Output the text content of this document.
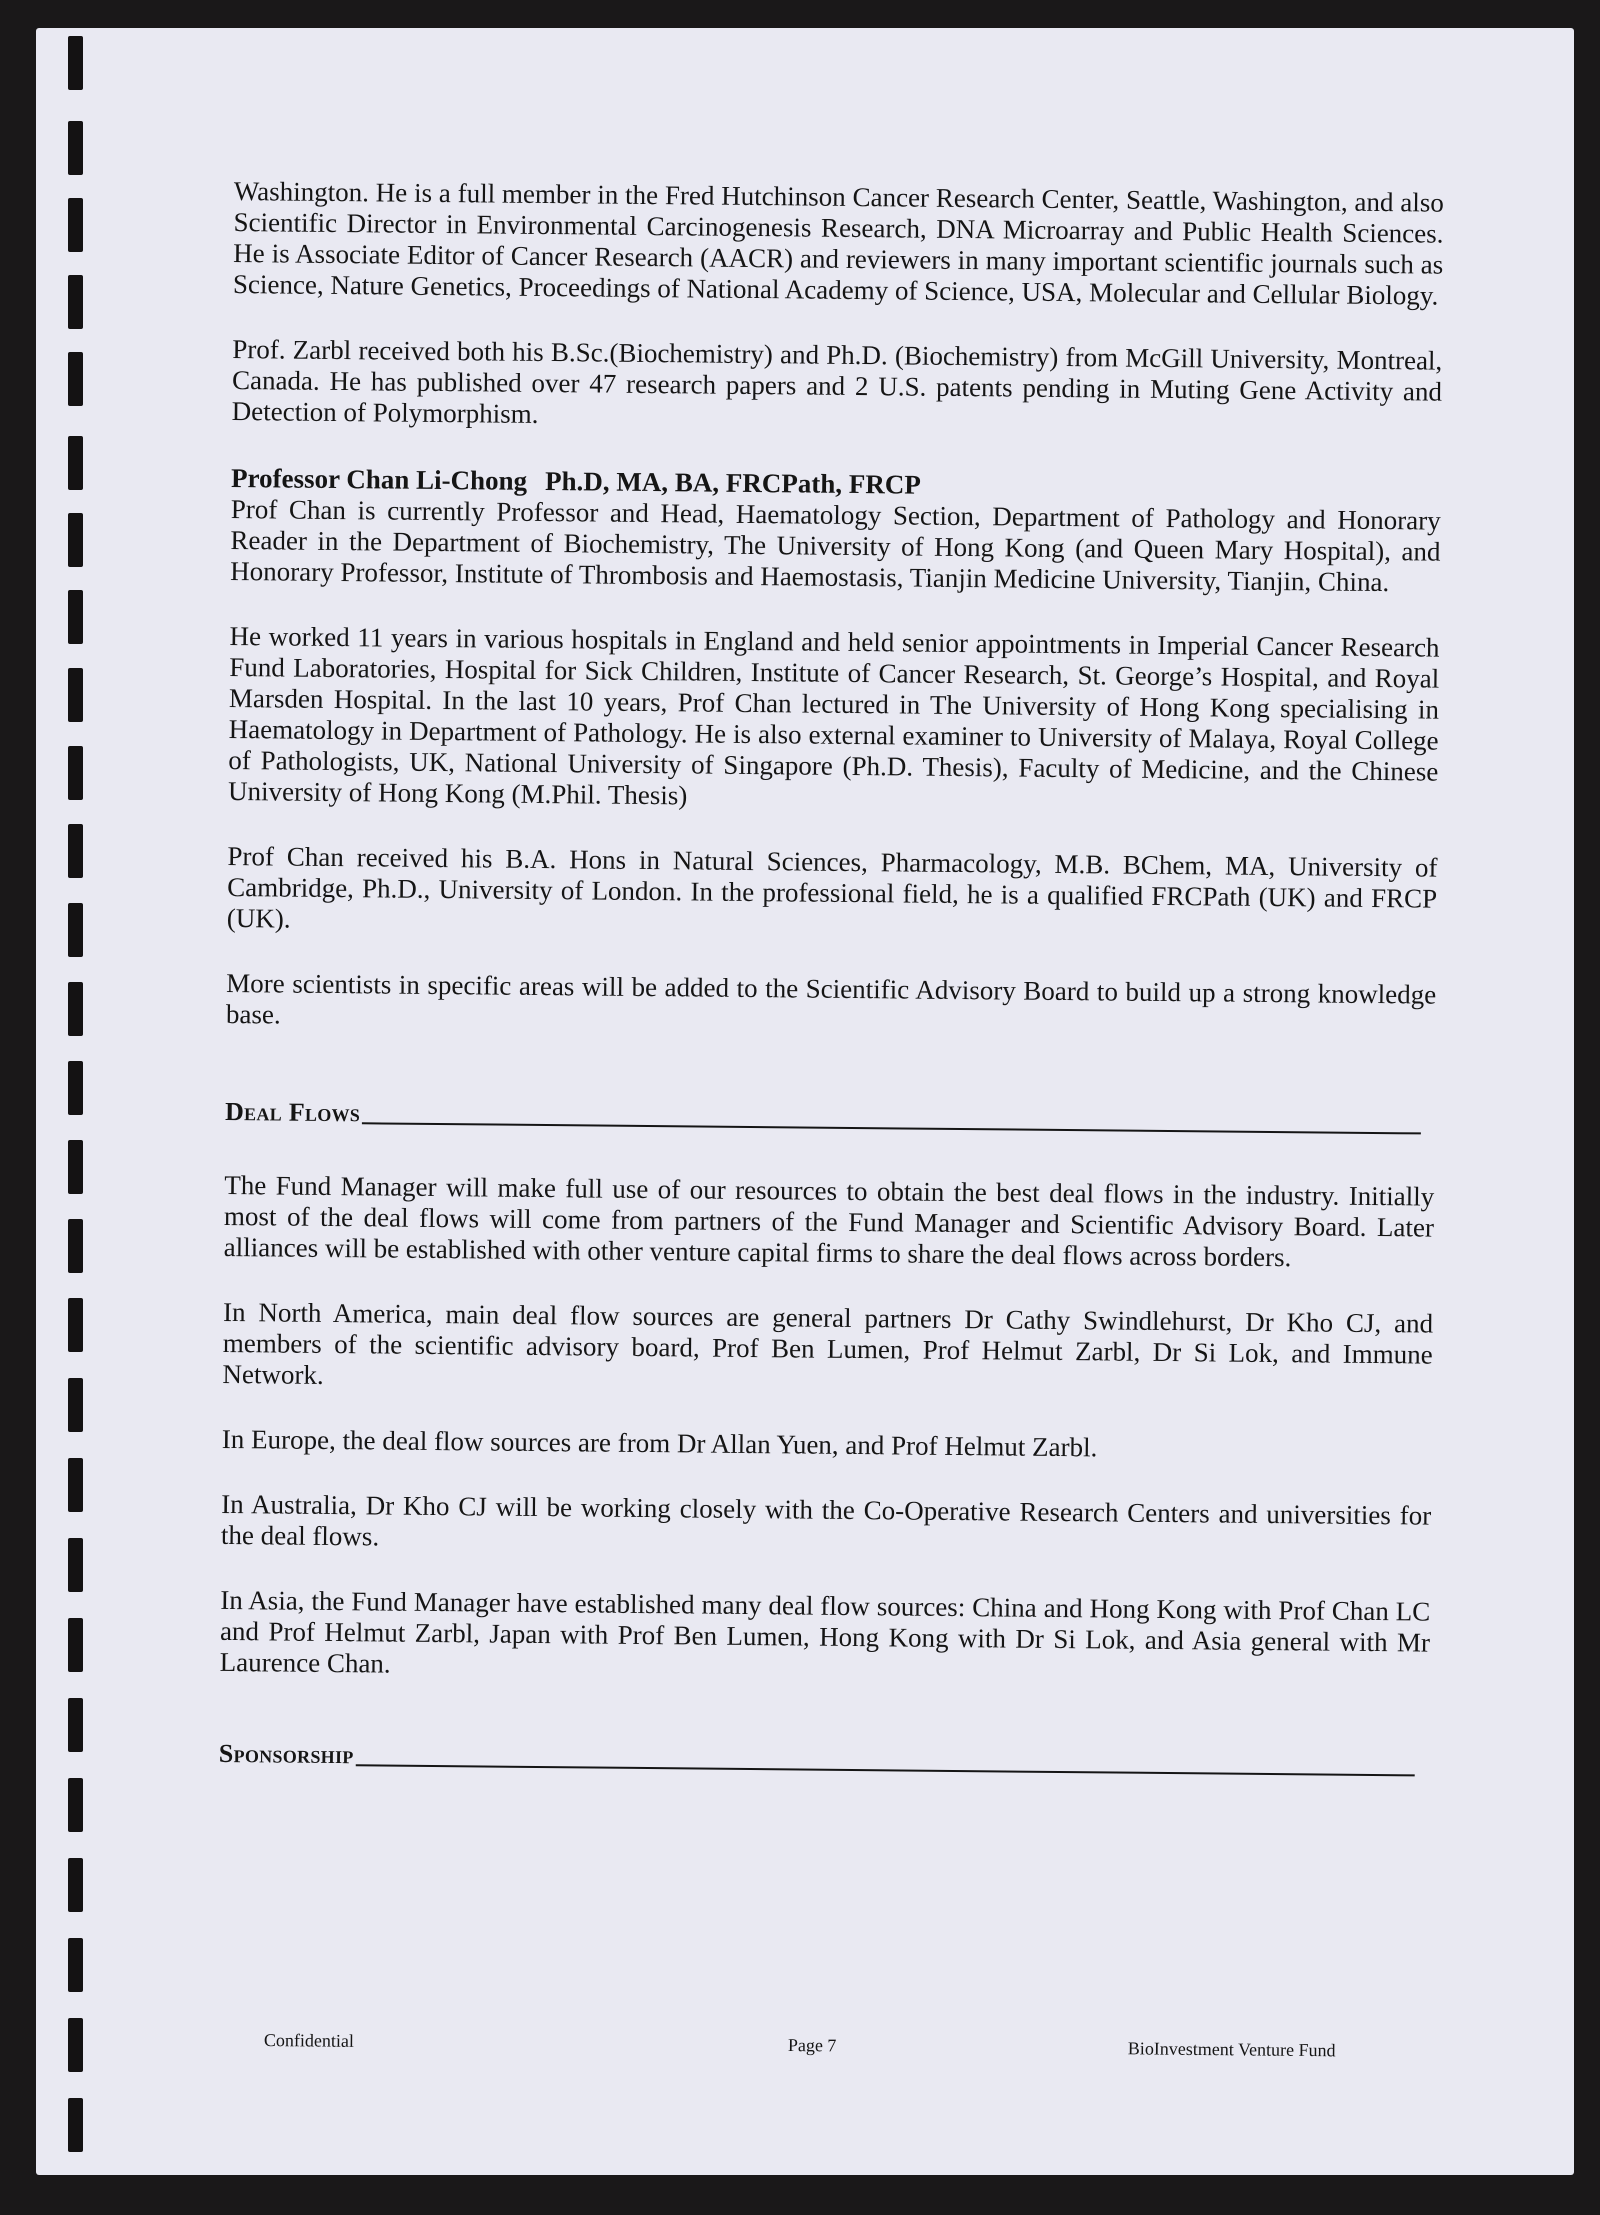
Washington. He is a full member in the Fred Hutchinson Cancer Research Center, Seattle, Washington, and also Scientific Director in Environmental Carcinogenesis Research, DNA Microarray and Public Health Sciences. He is Associate Editor of Cancer Research (AACR) and reviewers in many important scientific journals such as Science, Nature Genetics, Proceedings of National Academy of Science, USA, Molecular and Cellular Biology.

Prof. Zarbl received both his B.Sc.(Biochemistry) and Ph.D. (Biochemistry) from McGill University, Montreal, Canada. He has published over 47 research papers and 2 U.S. patents pending in Muting Gene Activity and Detection of Polymorphism.

Professor Chan Li-Chong Ph.D, MA, BA, FRCPath, FRCP

Prof Chan is currently Professor and Head, Haematology Section, Department of Pathology and Honorary Reader in the Department of Biochemistry, The University of Hong Kong (and Queen Mary Hospital), and Honorary Professor, Institute of Thrombosis and Haemostasis, Tianjin Medicine University, Tianjin, China.

He worked 11 years in various hospitals in England and held senior appointments in Imperial Cancer Research Fund Laboratories, Hospital for Sick Children, Institute of Cancer Research, St. George’s Hospital, and Royal Marsden Hospital. In the last 10 years, Prof Chan lectured in The University of Hong Kong specialising in Haematology in Department of Pathology. He is also external examiner to University of Malaya, Royal College of Pathologists, UK, National University of Singapore (Ph.D. Thesis), Faculty of Medicine, and the Chinese University of Hong Kong (M.Phil. Thesis)

Prof Chan received his B.A. Hons in Natural Sciences, Pharmacology, M.B. BChem, MA, University of Cambridge, Ph.D., University of London. In the professional field, he is a qualified FRCPath (UK) and FRCP (UK).

More scientists in specific areas will be added to the Scientific Advisory Board to build up a strong knowledge base.

Deal Flows

The Fund Manager will make full use of our resources to obtain the best deal flows in the industry. Initially most of the deal flows will come from partners of the Fund Manager and Scientific Advisory Board. Later alliances will be established with other venture capital firms to share the deal flows across borders.

In North America, main deal flow sources are general partners Dr Cathy Swindlehurst, Dr Kho CJ, and members of the scientific advisory board, Prof Ben Lumen, Prof Helmut Zarbl, Dr Si Lok, and Immune Network.

In Europe, the deal flow sources are from Dr Allan Yuen, and Prof Helmut Zarbl.

In Australia, Dr Kho CJ will be working closely with the Co-Operative Research Centers and universities for the deal flows.

In Asia, the Fund Manager have established many deal flow sources: China and Hong Kong with Prof Chan LC and Prof Helmut Zarbl, Japan with Prof Ben Lumen, Hong Kong with Dr Si Lok, and Asia general with Mr Laurence Chan.

Sponsorship
Confidential	Page 7	BioInvestment Venture Fund
